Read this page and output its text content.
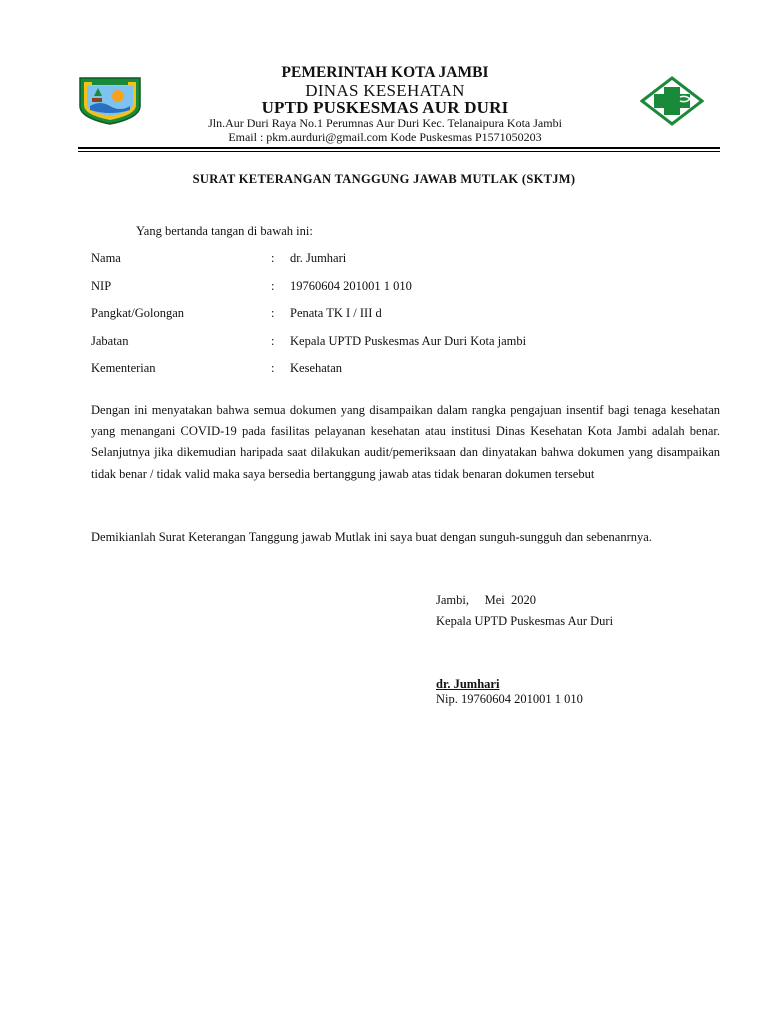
PEMERINTAH KOTA JAMBI
DINAS KESEHATAN
UPTD PUSKESMAS AUR DURI
Jln.Aur Duri Raya No.1 Perumnas Aur Duri Kec. Telanaipura Kota Jambi
Email : pkm.aurduri@gmail.com Kode Puskesmas P1571050203
SURAT KETERANGAN TANGGUNG JAWAB MUTLAK (SKTJM)
Yang bertanda tangan di bawah ini:
Nama	: dr. Jumhari
NIP	: 19760604 201001 1 010
Pangkat/Golongan	: Penata TK I / III d
Jabatan	: Kepala UPTD Puskesmas Aur Duri Kota jambi
Kementerian	: Kesehatan
Dengan ini menyatakan bahwa semua dokumen yang disampaikan dalam rangka pengajuan insentif bagi tenaga kesehatan yang menangani COVID-19 pada fasilitas pelayanan kesehatan atau institusi Dinas Kesehatan Kota Jambi adalah benar. Selanjutnya jika dikemudian haripada saat dilakukan audit/pemeriksaan dan dinyatakan bahwa dokumen yang disampaikan tidak benar / tidak valid maka saya bersedia bertanggung jawab atas tidak benaran dokumen tersebut
Demikianlah Surat Keterangan Tanggung jawab Mutlak ini saya buat dengan sunguh-sungguh dan sebenanrnya.
Jambi,     Mei  2020
Kepala UPTD Puskesmas Aur Duri
dr. Jumhari
Nip. 19760604 201001 1 010
